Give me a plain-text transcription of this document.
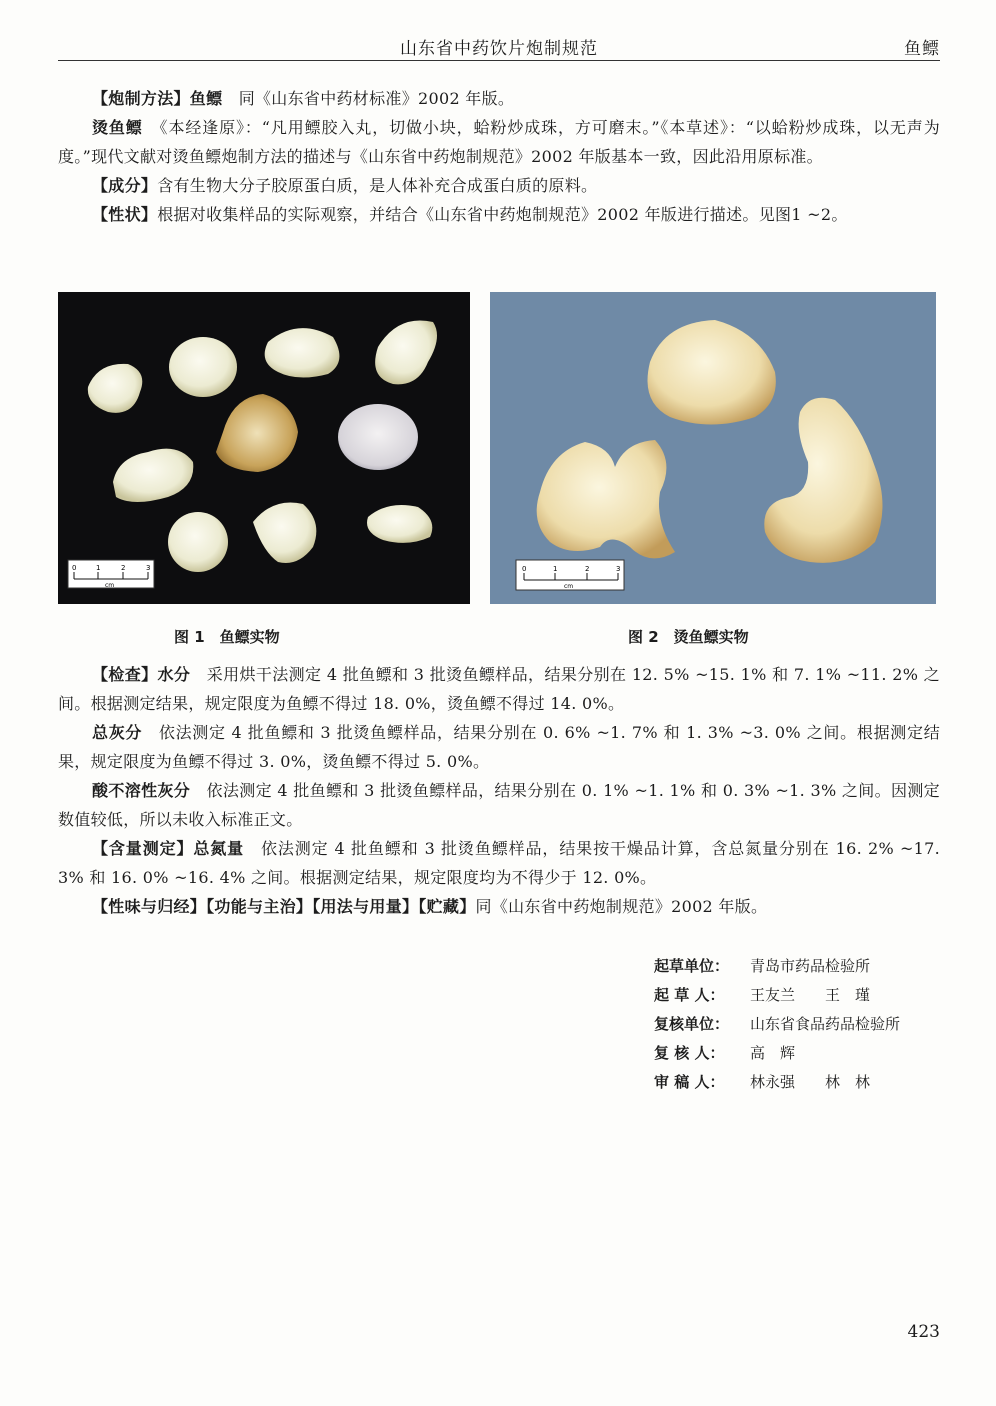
山东省中药饮片炮制规范	鱼鳔

【炮制方法】鱼鳔　同《山东省中药材标准》2002 年版。

烫鱼鳔　《本经逢原》：“凡用鳔胶入丸，切做小块，蛤粉炒成珠，方可磨末。”《本草述》：“以蛤粉炒成珠，以无声为度。”现代文献对烫鱼鳔炮制方法的描述与《山东省中药炮制规范》2002 年版基本一致，因此沿用原标准。

【成分】含有生物大分子胶原蛋白质，是人体补充合成蛋白质的原料。

【性状】根据对收集样品的实际观察，并结合《山东省中药炮制规范》2002 年版进行描述。见图1 ~2。

0	1	2	3
cm
0	1	2	3
cm
图 1　鱼鳔实物	图 2　烫鱼鳔实物

【检查】水分　采用烘干法测定 4 批鱼鳔和 3 批烫鱼鳔样品，结果分别在 12. 5% ~15. 1% 和 7. 1% ~11. 2% 之间。根据测定结果，规定限度为鱼鳔不得过 18. 0%，烫鱼鳔不得过 14. 0%。

总灰分　依法测定 4 批鱼鳔和 3 批烫鱼鳔样品，结果分别在 0. 6% ~1. 7% 和 1. 3% ~3. 0% 之间。根据测定结果，规定限度为鱼鳔不得过 3. 0%，烫鱼鳔不得过 5. 0%。

酸不溶性灰分　依法测定 4 批鱼鳔和 3 批烫鱼鳔样品，结果分别在 0. 1% ~1. 1% 和 0. 3% ~1. 3% 之间。因测定数值较低，所以未收入标准正文。

【含量测定】总氮量　依法测定 4 批鱼鳔和 3 批烫鱼鳔样品，结果按干燥品计算，含总氮量分别在 16. 2% ~17. 3% 和 16. 0% ~16. 4% 之间。根据测定结果，规定限度均为不得少于 12. 0%。

【性味与归经】【功能与主治】【用法与用量】【贮藏】同《山东省中药炮制规范》2002 年版。

起草单位： 青岛市药品检验所
起 草 人： 王友兰　　王　瑾
复核单位： 山东省食品药品检验所
复 核 人： 高　辉
审 稿 人： 林永强　　林　林
423
